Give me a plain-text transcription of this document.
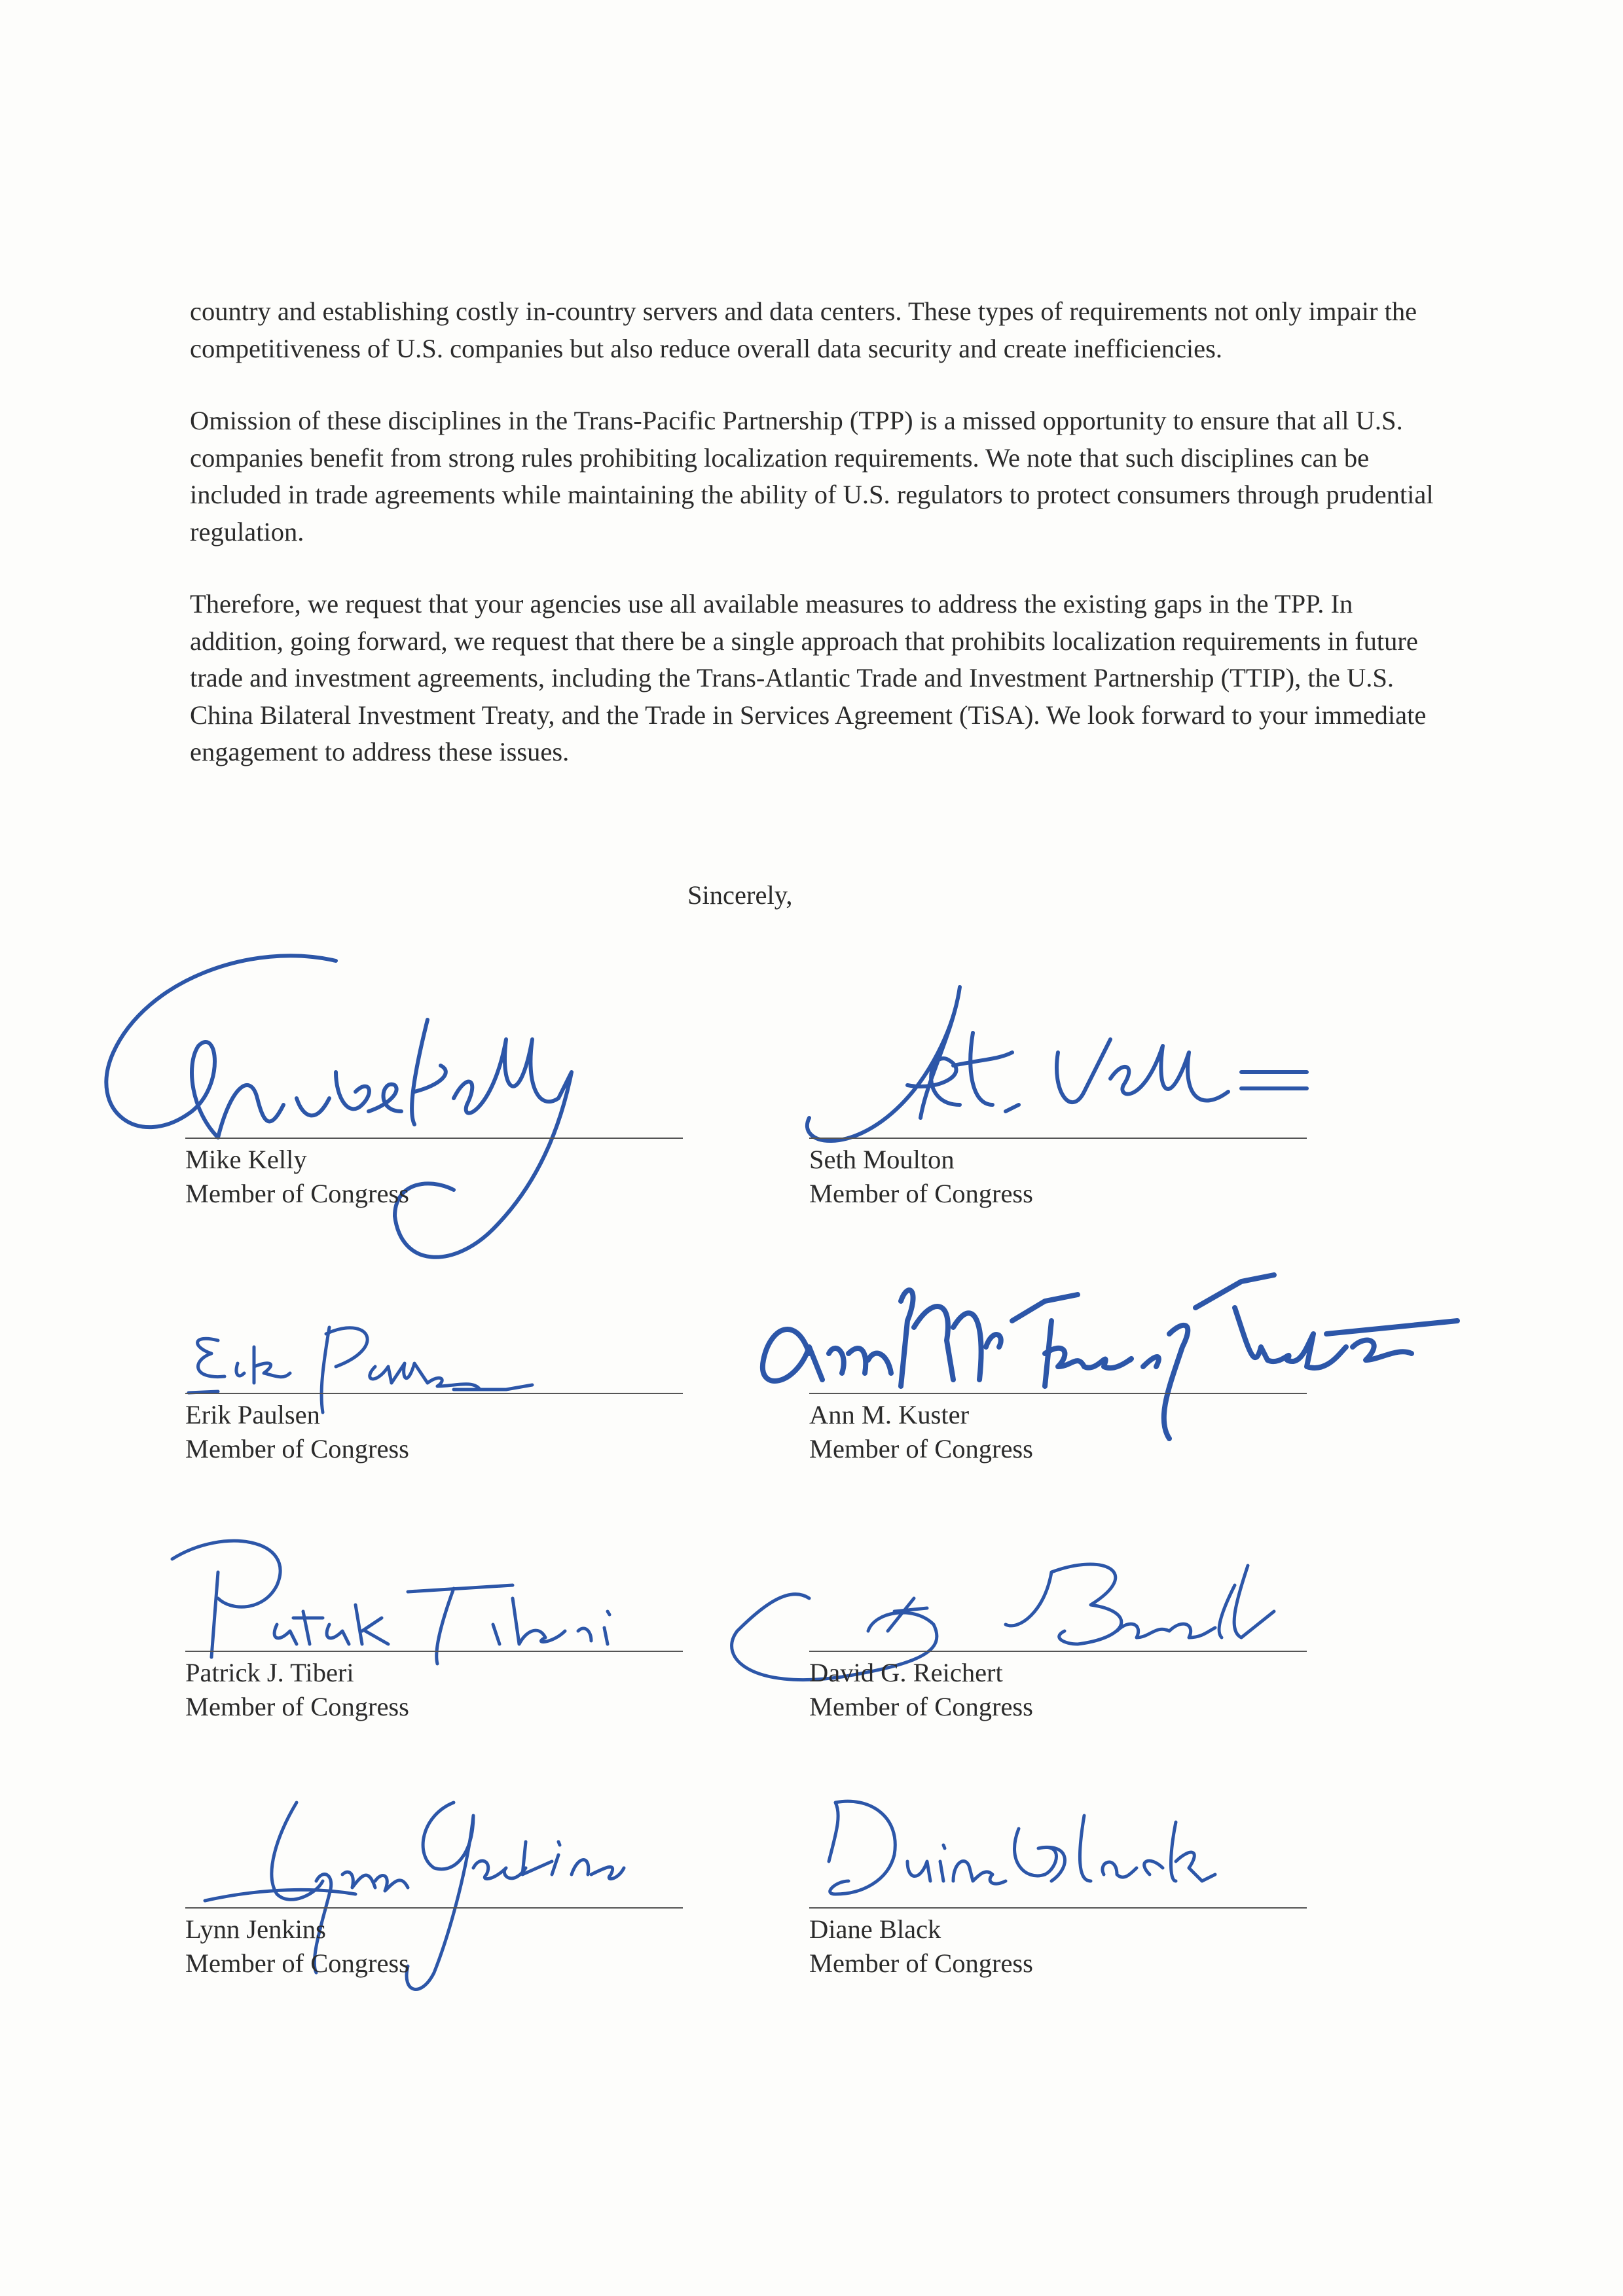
country and establishing costly in-country servers and data centers. These types of requirements not only impair the competitiveness of U.S. companies but also reduce overall data security and create inefficiencies.

Omission of these disciplines in the Trans-Pacific Partnership (TPP) is a missed opportunity to ensure that all U.S. companies benefit from strong rules prohibiting localization requirements. We note that such disciplines can be included in trade agreements while maintaining the ability of U.S. regulators to protect consumers through prudential regulation.

Therefore, we request that your agencies use all available measures to address the existing gaps in the TPP. In addition, going forward, we request that there be a single approach that prohibits localization requirements in future trade and investment agreements, including the Trans-Atlantic Trade and Investment Partnership (TTIP), the U.S. China Bilateral Investment Treaty, and the Trade in Services Agreement (TiSA). We look forward to your immediate engagement to address these issues.

Sincerely,
Mike Kelly
Member of Congress
Seth Moulton
Member of Congress
Erik Paulsen
Member of Congress
Ann M. Kuster
Member of Congress
Patrick J. Tiberi
Member of Congress
David G. Reichert
Member of Congress
Lynn Jenkins
Member of Congress
Diane Black
Member of Congress
